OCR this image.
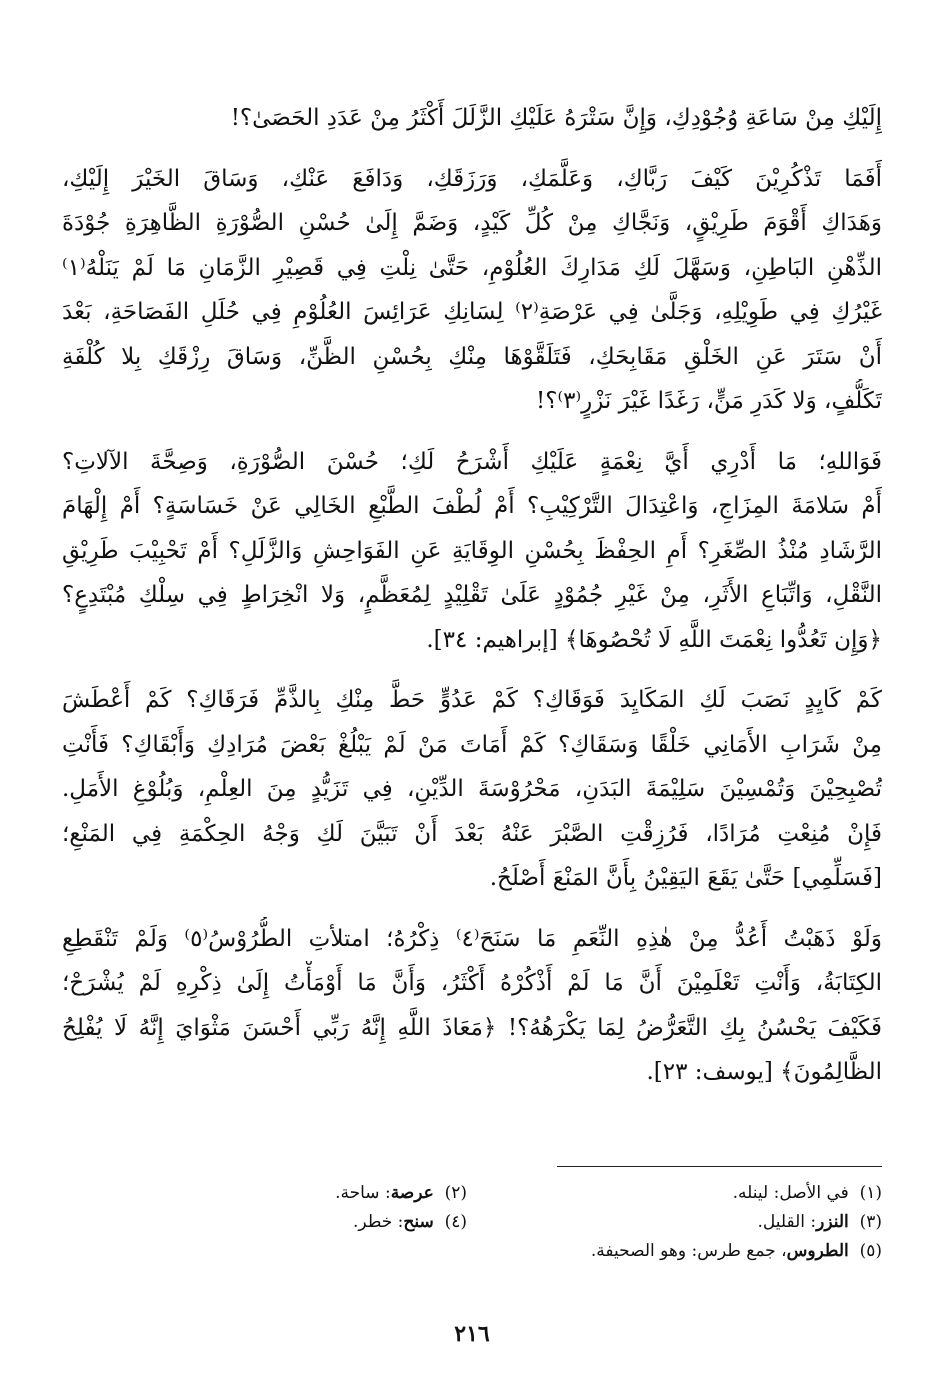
إِلَيْكِ مِنْ سَاعَةِ وُجُوْدِكِ، وَإِنَّ سَتْرَهُ عَلَيْكِ الزَّلَلَ أَكْثَرُ مِنْ عَدَدِ الحَصَىٰ؟!
أَفَمَا تَذْكُرِيْنَ كَيْفَ رَبَّاكِ، وَعَلَّمَكِ، وَرَزَقَكِ، وَدَافَعَ عَنْكِ، وَسَاقَ الخَيْرَ إِلَيْكِ،
وَهَدَاكِ أَقْوَمَ طَرِيْقٍ، وَنَجَّاكِ مِنْ كُلِّ كَيْدٍ، وَضَمَّ إِلَىٰ حُسْنِ الصُّوْرَةِ الظَّاهِرَةِ جُوْدَةَ
الذِّهْنِ البَاطِنِ، وَسَهَّلَ لَكِ مَدَارِكَ العُلُوْمِ، حَتَّىٰ نِلْتِ فِي قَصِيْرِ الزَّمَانِ مَا لَمْ يَنَلْهُ⁽١⁾
غَيْرُكِ فِي طَوِيْلِهِ، وَجَلَّىٰ فِي عَرْصَةِ⁽٢⁾ لِسَانِكِ عَرَائِسَ العُلُوْمِ فِي حُلَلِ الفَصَاحَةِ، بَعْدَ
أَنْ سَتَرَ عَنِ الخَلْقِ مَقَابِحَكِ، فَتَلَقَّوْهَا مِنْكِ بِحُسْنِ الظَّنِّ، وَسَاقَ رِزْقَكِ بِلا كُلْفَةِ
تَكَلُّفٍ، وَلا كَدَرِ مَنٍّ، رَغَدًا غَيْرَ نَزْرٍ⁽٣⁾؟!
فَوَاللهِ؛ مَا أَدْرِي أَيَّ نِعْمَةٍ عَلَيْكِ أَشْرَحُ لَكِ؛ حُسْنَ الصُّوْرَةِ، وَصِحَّةَ الآلاتِ؟
أَمْ سَلامَةَ المِزَاجِ، وَاعْتِدَالَ التَّرْكِيْبِ؟ أَمْ لُطْفَ الطَّبْعِ الخَالِي عَنْ خَسَاسَةٍ؟ أَمْ إِلْهَامَ
الرَّشَادِ مُنْذُ الصِّغَرِ؟ أَمِ الحِفْظَ بِحُسْنِ الوِقَايَةِ عَنِ الفَوَاحِشِ وَالزَّلَلِ؟ أَمْ تَحْبِيْبَ طَرِيْقِ
النَّقْلِ، وَاتِّبَاعِ الأَثَرِ، مِنْ غَيْرِ جُمُوْدٍ عَلَىٰ تَقْلِيْدٍ لِمُعَظَّمٍ، وَلا انْخِرَاطٍ فِي سِلْكِ مُبْتَدِعٍ؟
﴿وَإِن تَعُدُّوا نِعْمَتَ اللَّهِ لَا تُحْصُوهَا﴾ [إبراهيم: ٣٤].
كَمْ كَايِدٍ نَصَبَ لَكِ المَكَايِدَ فَوَقَاكِ؟ كَمْ عَدُوٍّ حَطَّ مِنْكِ بِالذَّمِّ فَرَقَاكِ؟ كَمْ أَعْطَشَ
مِنْ شَرَابِ الأَمَانِي خَلْقًا وَسَقَاكِ؟ كَمْ أَمَاتَ مَنْ لَمْ يَبْلُغْ بَعْضَ مُرَادِكِ وَأَبْقَاكِ؟ فَأَنْتِ
تُصْبِحِيْنَ وَتُمْسِيْنَ سَلِيْمَةَ البَدَنِ، مَحْرُوْسَةَ الدِّيْنِ، فِي تَزَيُّدٍ مِنَ العِلْمِ، وَبُلُوْغِ الأَمَلِ.
فَإِنْ مُنِعْتِ مُرَادًا، فَرُزِقْتِ الصَّبْرَ عَنْهُ بَعْدَ أَنْ تَبَيَّنَ لَكِ وَجْهُ الحِكْمَةِ فِي المَنْعِ؛
[فَسَلِّمِي] حَتَّىٰ يَقَعَ اليَقِيْنُ بِأَنَّ المَنْعَ أَصْلَحُ.
وَلَوْ ذَهَبْتُ أَعُدُّ مِنْ هٰذِهِ النِّعَمِ مَا سَنَحَ⁽٤⁾ ذِكْرُهُ؛ امتلأتِ الطُّرُوْسُ⁽٥⁾ وَلَمْ تَنْقَطِعِ
الكِتَابَةُ، وَأَنْتِ تَعْلَمِيْنَ أَنَّ مَا لَمْ أَذْكُرْهُ أَكْثَرُ، وَأَنَّ مَا أَوْمَأْتُ إِلَىٰ ذِكْرِهِ لَمْ يُشْرَحْ؛
فَكَيْفَ يَحْسُنُ بِكِ التَّعَرُّضُ لِمَا يَكْرَهُهُ؟! ﴿مَعَاذَ اللَّهِ إِنَّهُ رَبِّي أَحْسَنَ مَثْوَايَ إِنَّهُ لَا يُفْلِحُ
الظَّالِمُونَ﴾ [يوسف: ٢٣].
(١)  في الأصل: لينله.
(٢)  عرصة: ساحة.
(٣)  النزر: القليل.
(٤)  سنح: خطر.
(٥)  الطروس، جمع طرس: وهو الصحيفة.
٢١٦
